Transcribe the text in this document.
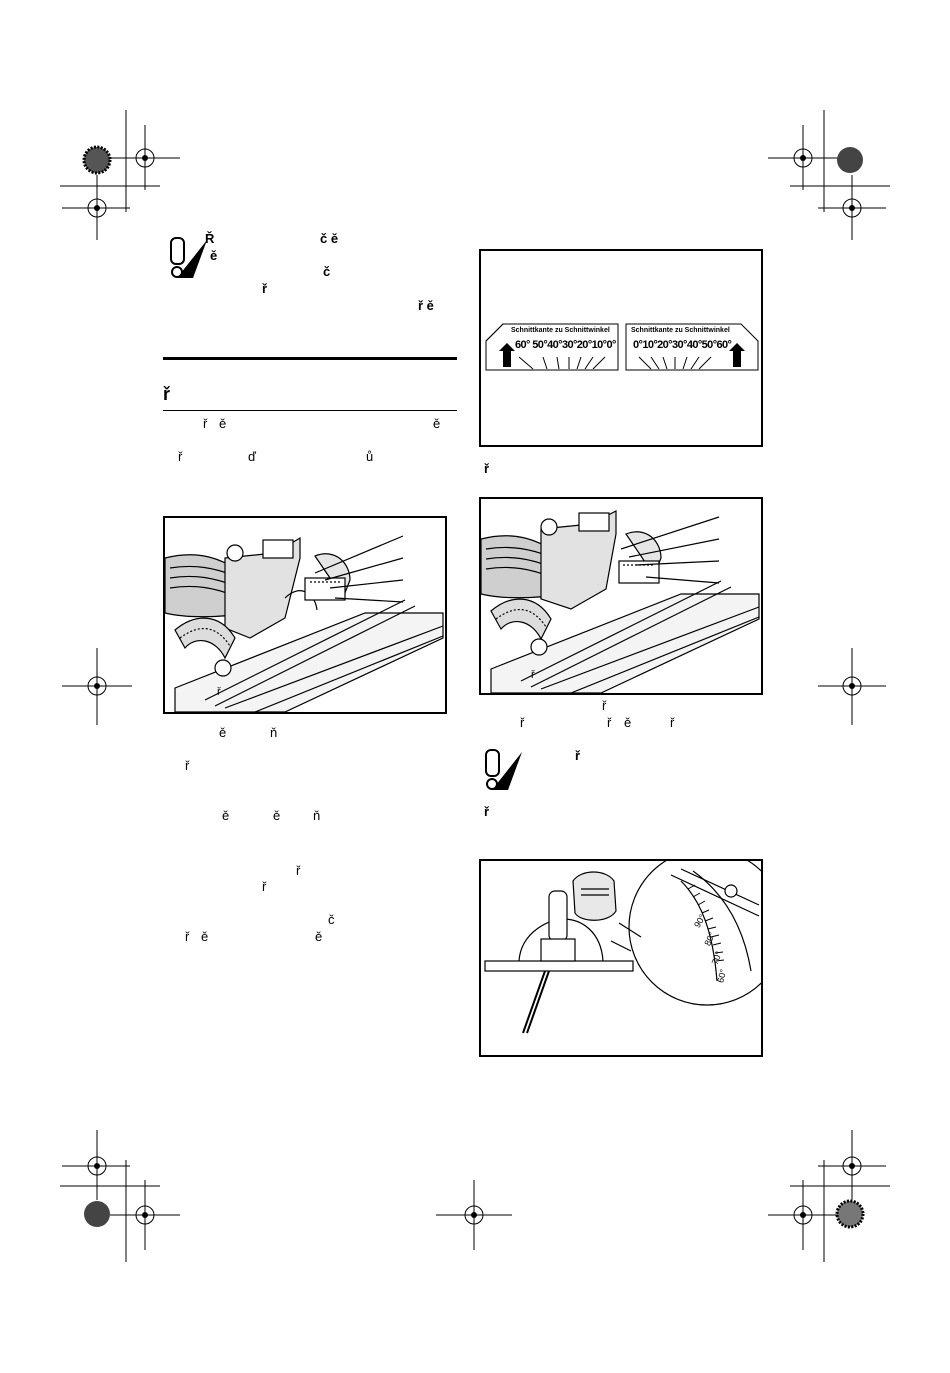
Ř	č ě
ě
č
ř
ř ě
ř
ř ě	ě
ř	ď	ů
ř
ě	ň
ř
ě	ě	ň
ř
ř
č
ř ě	ě
Schnittkante zu Schnittwinkel
60° 50°40°30°20°10°0°
Schnittkante zu Schnittwinkel
0°10°20°30°40°50°60°
ř
ř
ř
ř	ř ě	ř
ř
ř
90°
80°
70°
60°
